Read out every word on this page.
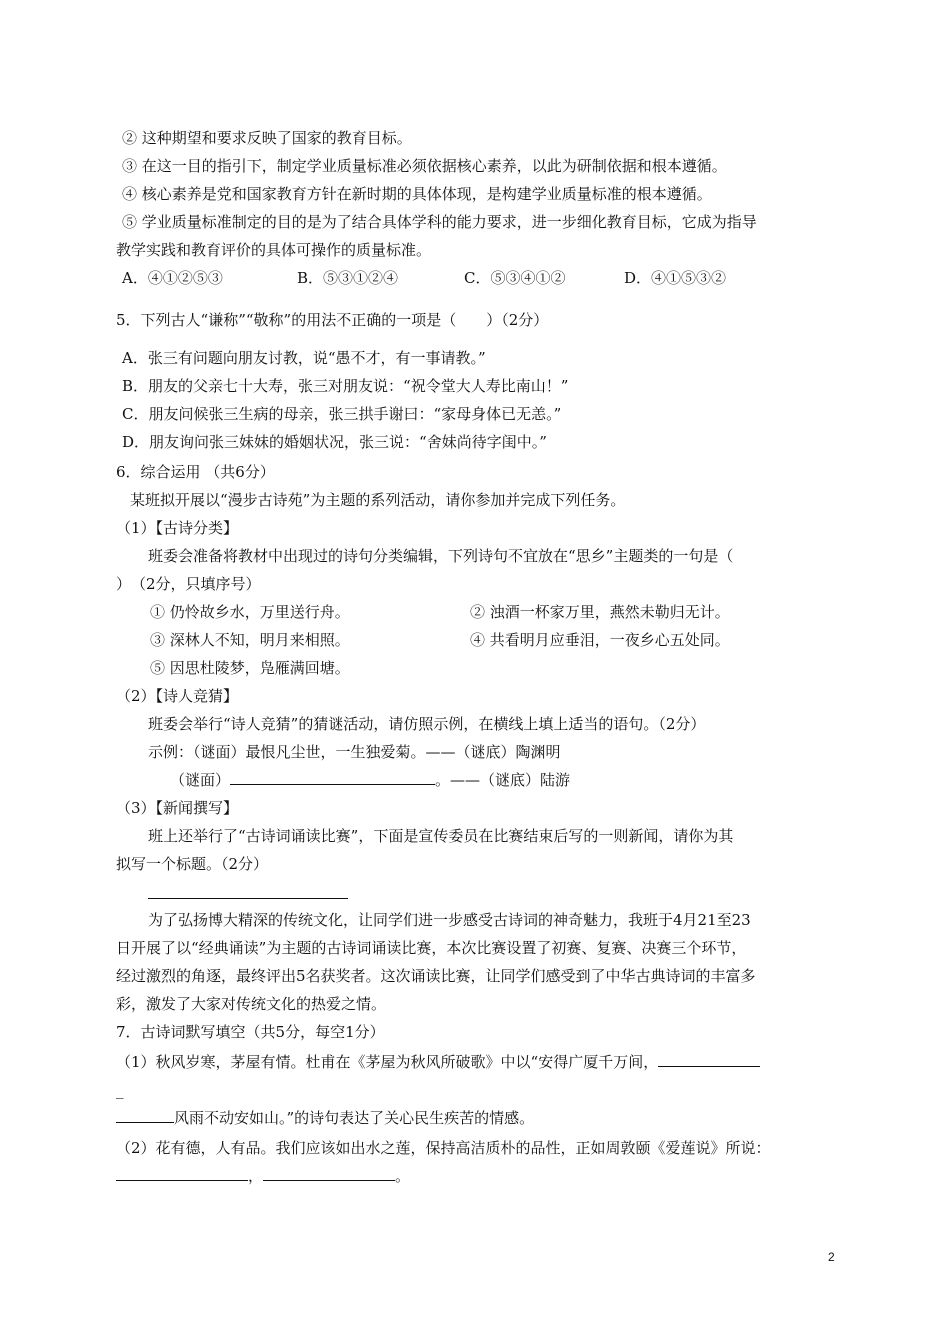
② 这种期望和要求反映了国家的教育目标。
③ 在这一目的指引下，制定学业质量标准必须依据核心素养，以此为研制依据和根本遵循。
④ 核心素养是党和国家教育方针在新时期的具体体现，是构建学业质量标准的根本遵循。
⑤ 学业质量标准制定的目的是为了结合具体学科的能力要求，进一步细化教育目标，它成为指导
教学实践和教育评价的具体可操作的质量标准。
A．④①②⑤③	B．⑤③①②④	C．⑤③④①②	D．④①⑤③②
5．下列古人“谦称”“敬称”的用法不正确的一项是（　　）（2分）
A．张三有问题向朋友讨教，说“愚不才，有一事请教。”
B．朋友的父亲七十大寿，张三对朋友说：“祝令堂大人寿比南山！”
C．朋友问候张三生病的母亲，张三拱手谢曰：“家母身体已无恙。”
D．朋友询问张三妹妹的婚姻状况，张三说：“舍妹尚待字闺中。”
6．综合运用 （共6分）
某班拟开展以“漫步古诗苑”为主题的系列活动，请你参加并完成下列任务。
（1）【古诗分类】
班委会准备将教材中出现过的诗句分类编辑，下列诗句不宜放在“思乡”主题类的一句是（
）　（2分，只填序号）
① 仍怜故乡水，万里送行舟。	② 浊酒一杯家万里，燕然未勒归无计。
③ 深林人不知，明月来相照。	④ 共看明月应垂泪，一夜乡心五处同。
⑤ 因思杜陵梦，凫雁满回塘。
（2）【诗人竞猜】
班委会举行“诗人竞猜”的猜谜活动，请仿照示例，在横线上填上适当的语句。（2分）
示例：（谜面）最恨凡尘世，一生独爱菊。——（谜底）陶渊明
（谜面）	。——（谜底）陆游
（3）【新闻撰写】
班上还举行了“古诗词诵读比赛”，下面是宣传委员在比赛结束后写的一则新闻，请你为其
拟写一个标题。（2分）
为了弘扬博大精深的传统文化，让同学们进一步感受古诗词的神奇魅力，我班于4月21至23
日开展了以“经典诵读”为主题的古诗词诵读比赛，本次比赛设置了初赛、复赛、决赛三个环节，
经过激烈的角逐，最终评出5名获奖者。这次诵读比赛，让同学们感受到了中华古典诗词的丰富多
彩，激发了大家对传统文化的热爱之情。
7．古诗词默写填空（共5分，每空1分）
（1）秋风岁寒，茅屋有情。杜甫在《茅屋为秋风所破歌》中以“安得广厦千万间，
_
风雨不动安如山。”的诗句表达了关心民生疾苦的情感。
（2）花有德，人有品。我们应该如出水之莲，保持高洁质朴的品性，正如周敦颐《爱莲说》所说：
，	。
2
